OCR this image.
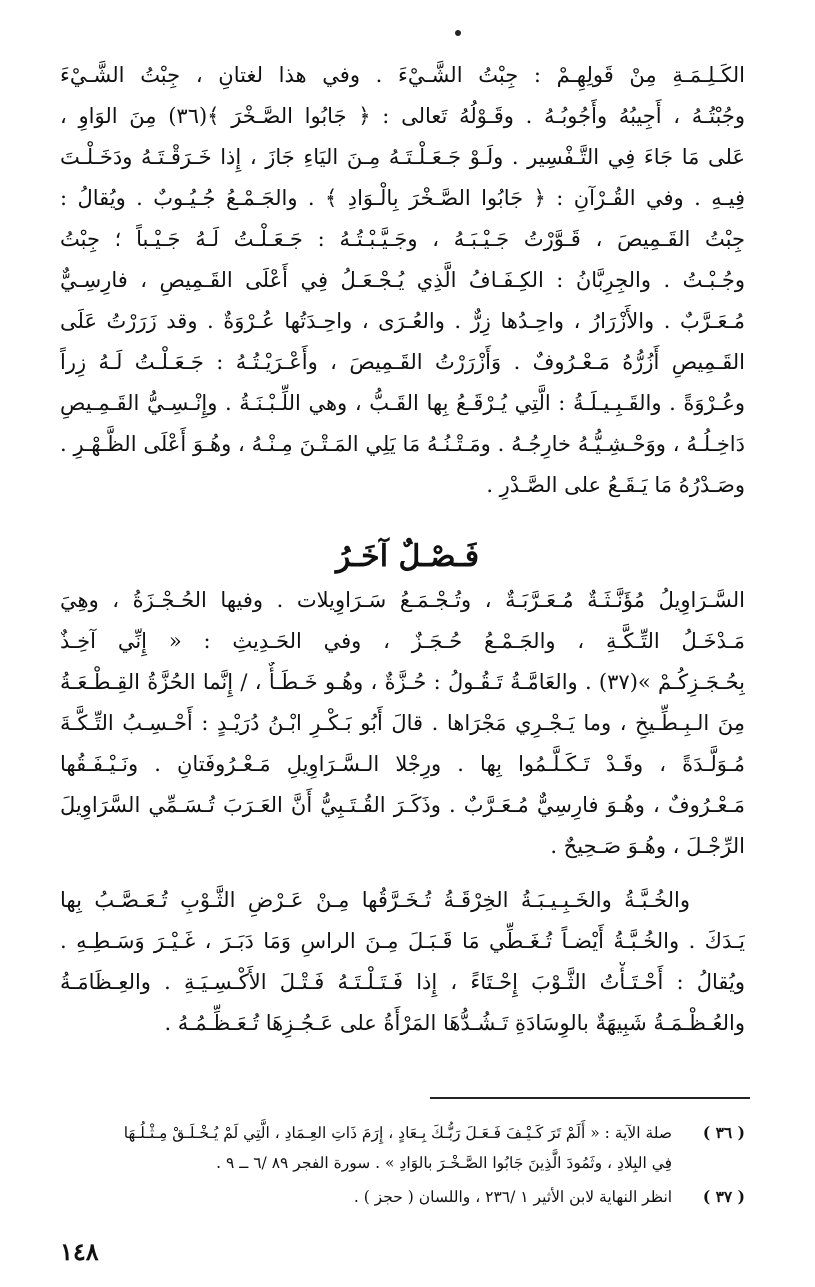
الكَـلِـمَـةِ مِنْ قَولِهِـمْ : جِبْتُ الشَّـيْءَ . وفي هذا لغتانِ ، جِبْتُ الشَّـيْءَ
وجُبْتُـهُ ، أَجِيبُهُ وأَجُوبُـهُ . وقَـوْلُهُ تَعالى : ﴿ جَابُوا الصَّـخْرَ ﴾(٣٦) مِنَ الوَاوِ ،
عَلى مَا جَاءَ فِي التَّـفْسِير . ولَـوْ جَـعَـلْـتَـهُ مِـنَ اليَاءِ جَازَ ، إِذا خَـرَقْـتَـهُ ودَخَـلْـتَ
فِيـهِ . وفي القُـرْآنِ : ﴿ جَابُوا الصَّـخْرَ بِالْـوَادِ ﴾ . والجَـمْـعُ جُـيُـوبٌ . ويُقالُ :
جِبْتُ القَـمِيصَ ، قَـوَّرْتُ جَـيْـبَـهُ ، وجَـيَّـبْـتُـهُ : جَـعَـلْـتُ لَـهُ جَـيْـباً ؛ جِبْتُ
وجُـبْـتُ . والجِرِبَّانُ : الكِـفَـافُ الَّذِي يُـجْـعَـلُ فِي أَعْلَى القَـمِيصِ ، فارِسِـيٌّ
مُـعَـرَّبٌ . والأَزْرَارُ ، واحِـدُها زِرٌّ . والعُـرَى ، واحِـدَتُها عُـرْوَةٌ . وقد زَرَرْتُ عَلَى
القَـمِيصِ أَزُرُّهُ مَـعْـرُوفٌ . وَأَزْرَرْتُ القَـمِيصَ ، وأَعْـرَيْـتُـهُ : جَـعَـلْـتُ لَـهُ زِراً
وعُـرْوَةً . والقَـبِـيـلَـةُ : الَّتِي يُـرْقَـعُ بِها القَـبُّ ، وهي اللِّـبْـنَـةُ . وإِنْـسِـيُّ القَـمِـيصِ
دَاخِـلُـهُ ، ووَحْـشِـيُّـهُ خارِجُـهُ . ومَـتْـنُـهُ مَا يَلِي المَـتْـنَ مِـنْـهُ ، وهُـوَ أَعْلَى الظَّـهْـرِ .
وصَـدْرُهُ مَا يَـقَـعُ على الصَّـدْرِ .
فَـصْـلٌ آخَـرُ
السَّـرَاوِيلُ مُؤَنَّـثَـةٌ مُـعَـرَّبَـةٌ ، وتُـجْـمَـعُ سَـرَاوِيلات . وفيها الحُـجْـزَةُ ، وهِيَ
مَـدْخَـلُ التِّـكَّـةِ ، والجَـمْـعُ حُـجَـزٌ ، وفي الحَـدِيثِ : « إِنِّي آخِـذٌ
بِحُـجَـزِكُـمْ »(٣٧) . والعَامَّـةُ تَـقُـولُ : حُـزَّةٌ ، وهُـو خَـطَـأٌ ، / إِنَّما الحُزَّةُ القِـطْـعَـةُ
مِنَ الـبِـطِّـيخِ ، وما يَـجْـرِي مَجْرَاها . قالَ أَبُو بَـكْـرِ ابْـنُ دُرَيْـدٍ : أَحْـسِـبُ التِّـكَّـةَ
مُـوَلَّـدَةً ، وقَـدْ تَـكَـلَّـمُوا بِها . ورِجْلا الـسَّـرَاوِيلِ مَـعْـرُوفَتانِ . ونَـيْـفَـقُها
مَـعْـرُوفٌ ، وهُـوَ فارِسِيٌّ مُـعَـرَّبٌ . وذَكَـرَ القُـتَـبِيُّ أَنَّ العَـرَبَ تُـسَـمِّي السَّرَاوِيلَ
الرِّجْـلَ ، وهُـوَ صَـحِيحٌ .
والخُـبَّـةُ والخَـبِـيـبَـةُ الخِرْقَـةُ تُـخَـرَّقُها مِـنْ عَـرْضِ الثَّـوْبِ تُـعَـصَّـبُ بِها
يَـدَكَ . والخُـبَّـةُ أَيْضـاً تُـغَـطِّي مَا قَـبَـلَ مِـنَ الراسِ وَمَا دَبَـرَ ، غَـيْـرَ وَسَـطِـهِ .
ويُقالُ : أَحْـتَـأْتُ الثَّـوْبَ إِحْـتَاءً ، إِذا فَـتَـلْـتَـهُ فَـتْـلَ الأَكْـسِـيَـةِ . والعِـظَامَـةُ
والعُـظْـمَـةُ شَبِيهَةٌ بالوِسَادَةِ تَـشُـدُّهَا المَرْأَةُ على عَـجُـزِهَا تُـعَـظِّـمُـهُ .
( ٣٦ ) صلة الآية : « أَلَمْ تَرَ كَـيْـفَ فَـعَـلَ رَبُّـكَ بِـعَادٍ ، إِرَمَ ذَاتِ العِـمَادِ ، الَّتِي لَمْ يُـخْـلَـقْ مِـثْـلُـهَا
فِي البِلادِ ، وثَمُودَ الَّذِينَ جَابُوا الصَّـخْـرَ بالوَادِ » . سورة الفجر ٨٩ /٦ ــ ٩ .
( ٣٧ ) انظر النهاية لابن الأثير ١ /٢٣٦ ، واللسان ( حجز ) .
١٤٨
